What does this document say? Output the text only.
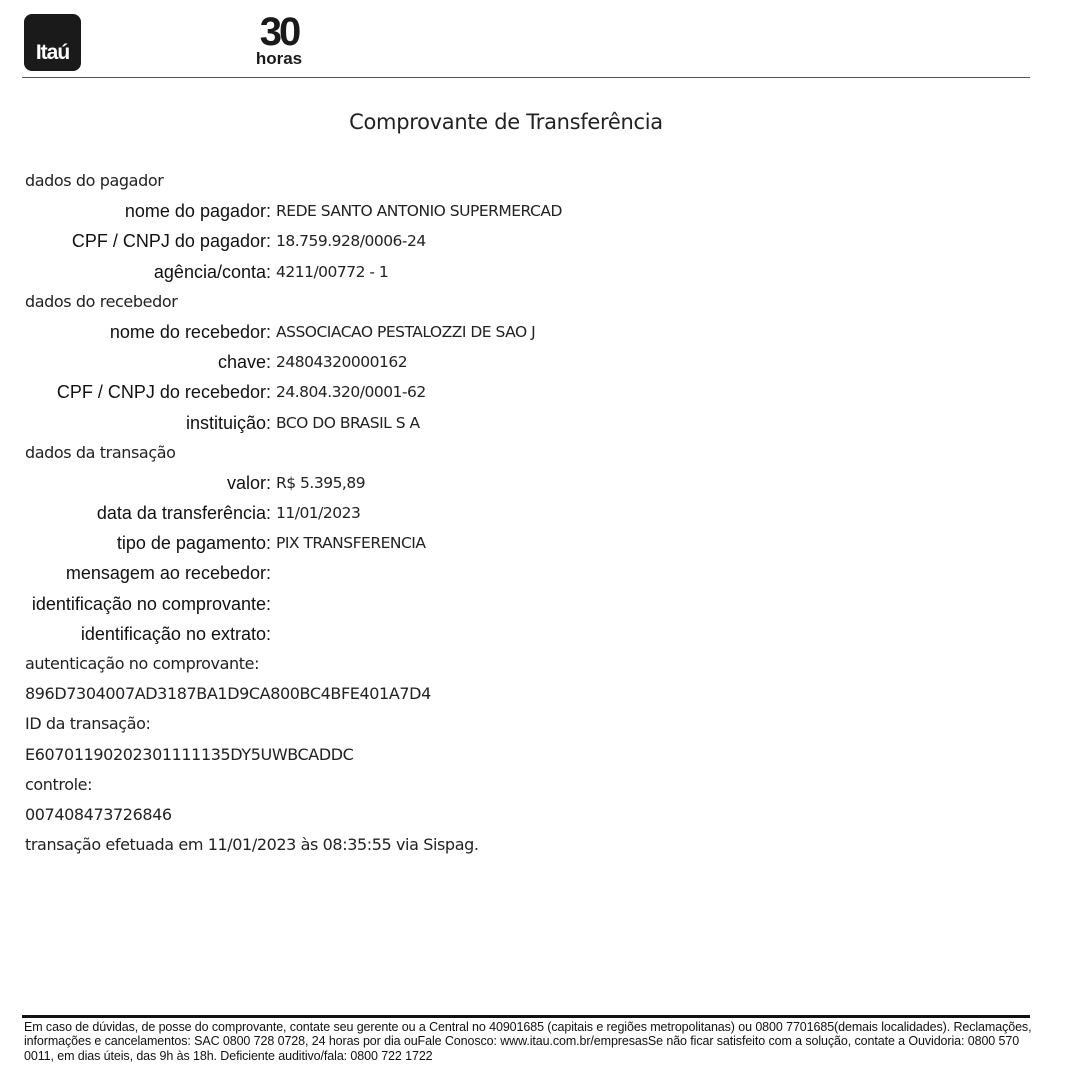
Itaú	30
horas
Comprovante de Transferência
dados do pagador
nome do pagador: REDE SANTO ANTONIO SUPERMERCAD
CPF / CNPJ do pagador: 18.759.928/0006-24
agência/conta: 4211/00772 - 1
dados do recebedor
nome do recebedor: ASSOCIACAO PESTALOZZI DE SAO J
chave: 24804320000162
CPF / CNPJ do recebedor: 24.804.320/0001-62
instituição: BCO DO BRASIL S A
dados da transação
valor: R$ 5.395,89
data da transferência: 11/01/2023
tipo de pagamento: PIX TRANSFERENCIA
mensagem ao recebedor:
identificação no comprovante:
identificação no extrato:
autenticação no comprovante:
896D7304007AD3187BA1D9CA800BC4BFE401A7D4
ID da transação:
E60701190202301111135DY5UWBCADDC
controle:
007408473726846
transação efetuada em 11/01/2023 às 08:35:55 via Sispag.
Em caso de dúvidas, de posse do comprovante, contate seu gerente ou a Central no 40901685 (capitais e regiões metropolitanas) ou 0800 7701685(demais localidades). Reclamações, informações e cancelamentos: SAC 0800 728 0728, 24 horas por dia ouFale Conosco: www.itau.com.br/empresasSe não ficar satisfeito com a solução, contate a Ouvidoria: 0800 570 0011, em dias úteis, das 9h às 18h. Deficiente auditivo/fala: 0800 722 1722
